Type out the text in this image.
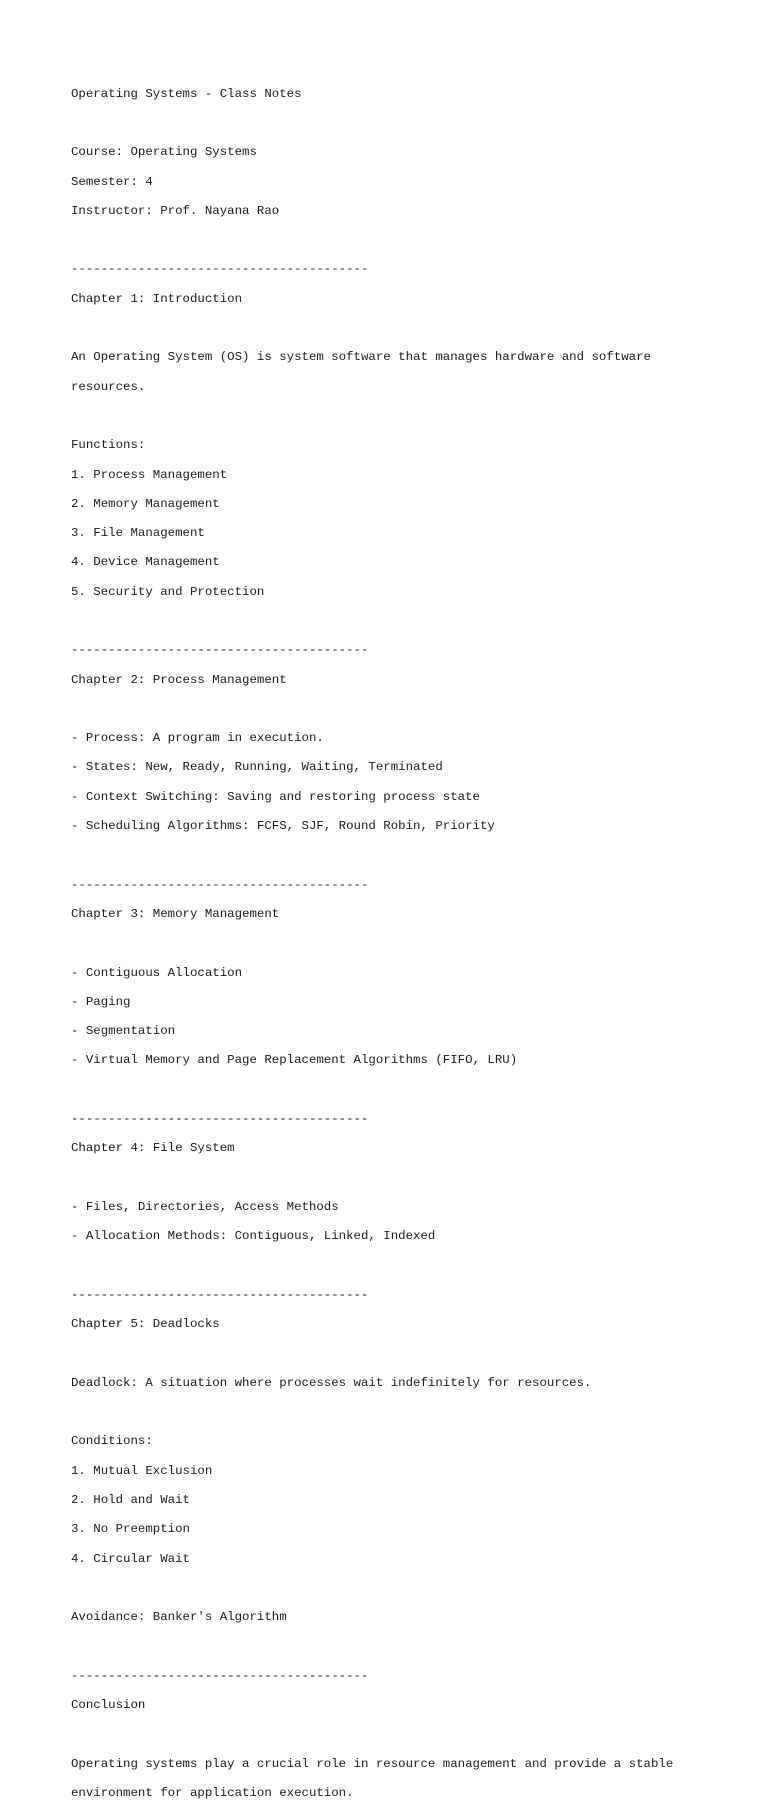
Operating Systems - Class Notes

Course: Operating Systems

Semester: 4

Instructor: Prof. Nayana Rao

----------------------------------------

Chapter 1: Introduction

An Operating System (OS) is system software that manages hardware and software

resources.

Functions:

1. Process Management

2. Memory Management

3. File Management

4. Device Management

5. Security and Protection

----------------------------------------

Chapter 2: Process Management

- Process: A program in execution.

- States: New, Ready, Running, Waiting, Terminated

- Context Switching: Saving and restoring process state

- Scheduling Algorithms: FCFS, SJF, Round Robin, Priority

----------------------------------------

Chapter 3: Memory Management

- Contiguous Allocation

- Paging

- Segmentation

- Virtual Memory and Page Replacement Algorithms (FIFO, LRU)

----------------------------------------

Chapter 4: File System

- Files, Directories, Access Methods

- Allocation Methods: Contiguous, Linked, Indexed

----------------------------------------

Chapter 5: Deadlocks

Deadlock: A situation where processes wait indefinitely for resources.

Conditions:

1. Mutual Exclusion

2. Hold and Wait

3. No Preemption

4. Circular Wait

Avoidance: Banker's Algorithm

----------------------------------------

Conclusion

Operating systems play a crucial role in resource management and provide a stable

environment for application execution.
